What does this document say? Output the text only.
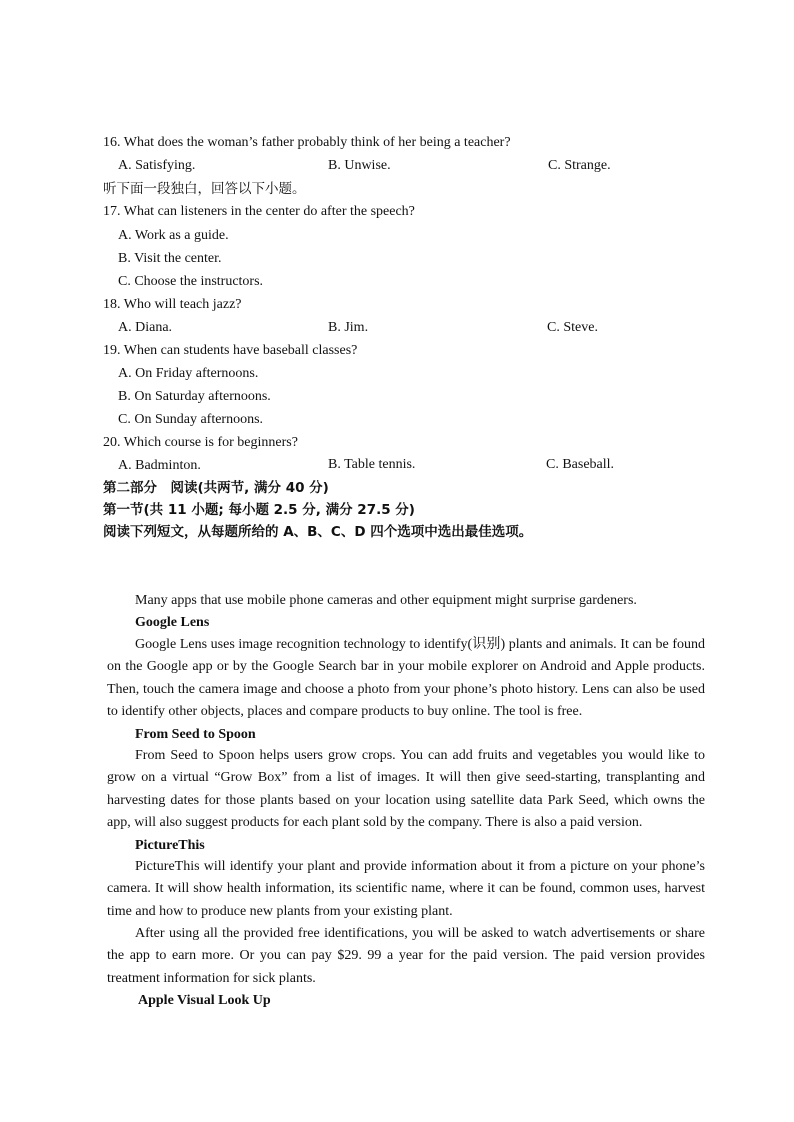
16. What does the woman’s father probably think of her being a teacher?
A. Satisfying.	B. Unwise.	C. Strange.
听下面一段独白，回答以下小题。
17. What can listeners in the center do after the speech?
A. Work as a guide.
B. Visit the center.
C. Choose the instructors.
18. Who will teach jazz?
A. Diana.	B. Jim.	C. Steve.
19. When can students have baseball classes?
A. On Friday afternoons.
B. On Saturday afternoons.
C. On Sunday afternoons.
20. Which course is for beginners?
A. Badminton.	B. Table tennis.	C. Baseball.
第二部分　阅读(共两节, 满分 40 分)
第一节(共 11 小题; 每小题 2.5 分, 满分 27.5 分)
阅读下列短文，从每题所给的 A、B、C、D 四个选项中选出最佳选项。
Many apps that use mobile phone cameras and other equipment might surprise gardeners.
Google Lens
Google Lens uses image recognition technology to identify(识别) plants and animals. It can be found on the Google app or by the Google Search bar in your mobile explorer on Android and Apple products. Then, touch the camera image and choose a photo from your phone’s photo history. Lens can also be used to identify other objects, places and compare products to buy online. The tool is free.
From Seed to Spoon
From Seed to Spoon helps users grow crops. You can add fruits and vegetables you would like to grow on a virtual “Grow Box” from a list of images. It will then give seed-starting, transplanting and harvesting dates for those plants based on your location using satellite data Park Seed, which owns the app, will also suggest products for each plant sold by the company. There is also a paid version.
PictureThis
PictureThis will identify your plant and provide information about it from a picture on your phone’s camera. It will show health information, its scientific name, where it can be found, common uses, harvest time and how to produce new plants from your existing plant.
After using all the provided free identifications, you will be asked to watch advertisements or share the app to earn more. Or you can pay $29. 99 a year for the paid version. The paid version provides treatment information for sick plants.
Apple Visual Look Up
